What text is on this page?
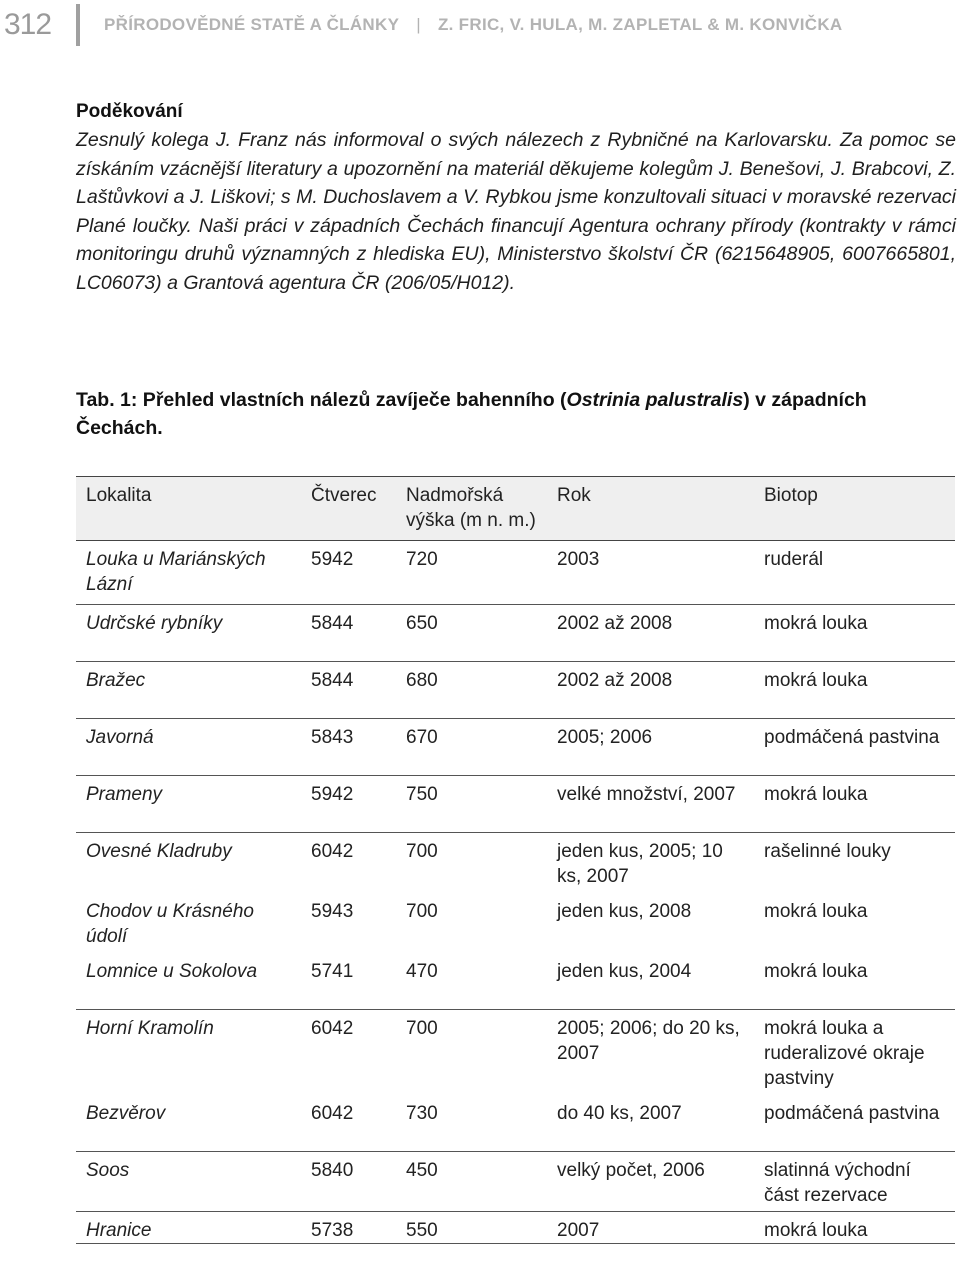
312	PŘÍRODOVĚDNÉ STATĚ A ČLÁNKY | Z. FRIC, V. HULA, M. ZAPLETAL & M. KONVIČKA
Poděkování
Zesnulý kolega J. Franz nás informoval o svých nálezech z Rybničné na Karlovarsku. Za pomoc se získáním vzácnější literatury a upozornění na materiál děkujeme kolegům J. Benešovi, J. Brabcovi, Z. Laštůvkovi a J. Liškovi; s M. Duchoslavem a V. Rybkou jsme konzultovali situaci v moravské rezervaci Plané loučky. Naši práci v západních Čechách financují Agentura ochrany přírody (kontrakty v rámci monitoringu druhů významných z hlediska EU), Ministerstvo školství ČR (6215648905, 6007665801, LC06073) a Grantová agentura ČR (206/05/H012).
Tab. 1: Přehled vlastních nálezů zavíječe bahenního (Ostrinia palustralis) v západních Čechách.
Lokalita	Čtverec	Nadmořská výška (m n. m.)	Rok	Biotop
Louka u Mariánských Lázní	5942	720	2003	ruderál
Udrčské rybníky	5844	650	2002 až 2008	mokrá louka
Bražec	5844	680	2002 až 2008	mokrá louka
Javorná	5843	670	2005; 2006	podmáčená pastvina
Prameny	5942	750	velké množství, 2007	mokrá louka
Ovesné Kladruby	6042	700	jeden kus, 2005; 10 ks, 2007	rašelinné louky
Chodov u Krásného údolí	5943	700	jeden kus, 2008	mokrá louka
Lomnice u Sokolova	5741	470	jeden kus, 2004	mokrá louka
Horní Kramolín	6042	700	2005; 2006; do 20 ks, 2007	mokrá louka a ruderalizové okraje pastviny
Bezvěrov	6042	730	do 40 ks, 2007	podmáčená pastvina
Soos	5840	450	velký počet, 2006	slatinná východní část rezervace
Hranice	5738	550	2007	mokrá louka
